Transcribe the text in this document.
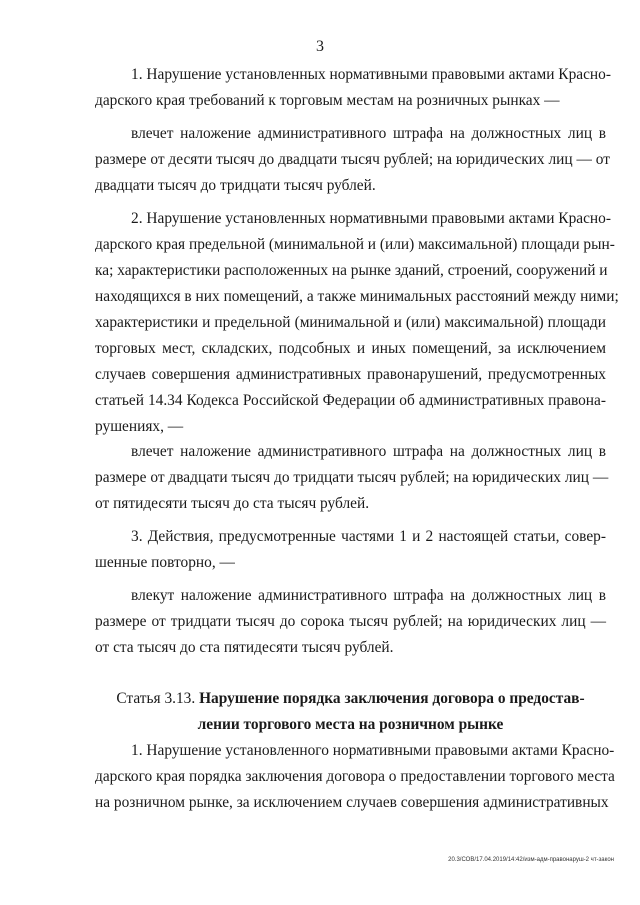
3
1. Нарушение установленных нормативными правовыми актами Красно-
дарского края требований к торговым местам на розничных рынках —
влечет наложение административного штрафа на должностных лиц в
размере от десяти тысяч до двадцати тысяч рублей; на юридических лиц — от
двадцати тысяч до тридцати тысяч рублей.
2. Нарушение установленных нормативными правовыми актами Красно-
дарского края предельной (минимальной и (или) максимальной) площади рын-
ка; характеристики расположенных на рынке зданий, строений, сооружений и
находящихся в них помещений, а также минимальных расстояний между ними;
характеристики и предельной (минимальной и (или) максимальной) площади
торговых мест, складских, подсобных и иных помещений, за исключением
случаев совершения административных правонарушений, предусмотренных
статьей 14.34 Кодекса Российской Федерации об административных правона-
рушениях, —
влечет наложение административного штрафа на должностных лиц в
размере от двадцати тысяч до тридцати тысяч рублей; на юридических лиц —
от пятидесяти тысяч до ста тысяч рублей.
3. Действия, предусмотренные частями 1 и 2 настоящей статьи, совер-
шенные повторно, —
влекут наложение административного штрафа на должностных лиц в
размере от тридцати тысяч до сорока тысяч рублей; на юридических лиц —
от ста тысяч до ста пятидесяти тысяч рублей.
Статья 3.13. Нарушение порядка заключения договора о предостав-
лении торгового места на розничном рынке
1. Нарушение установленного нормативными правовыми актами Красно-
дарского края порядка заключения договора о предоставлении торгового места
на розничном рынке, за исключением случаев совершения административных
20.3/СОВ/17.04.2019/14:42/изм-адм-правонаруш-2 чт-закон
